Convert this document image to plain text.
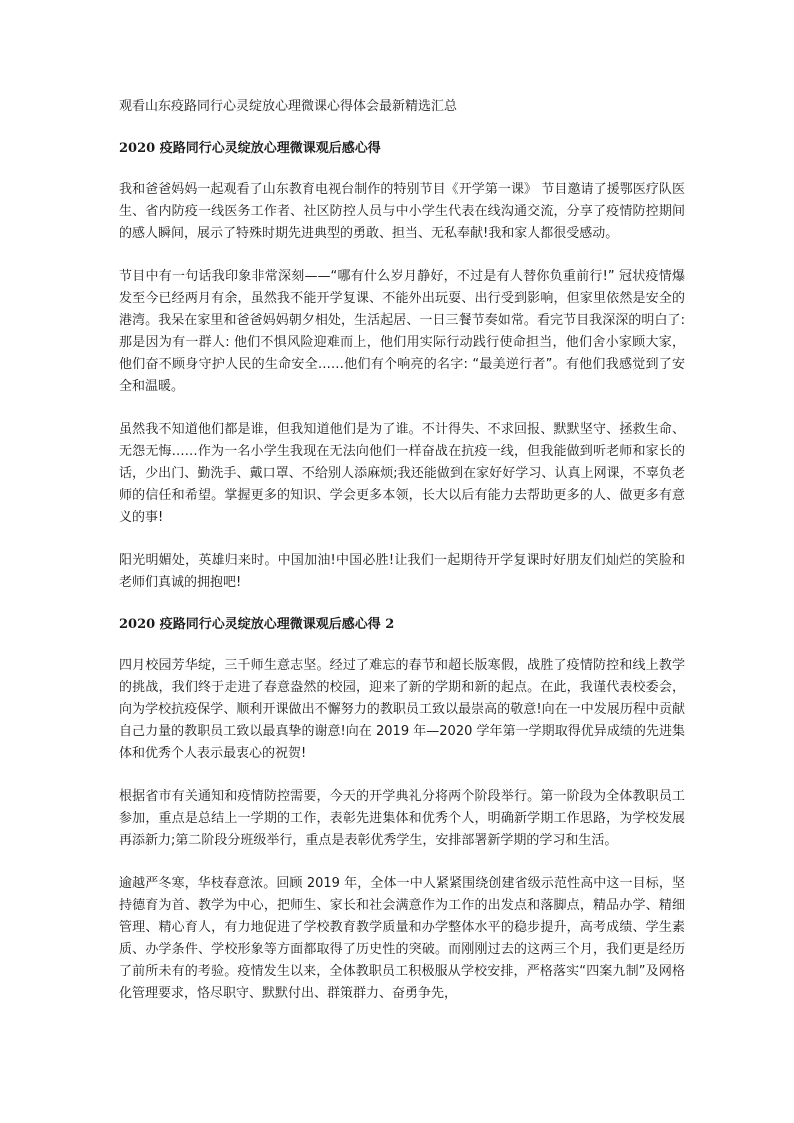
观看山东疫路同行心灵绽放心理微课心得体会最新精选汇总
2020 疫路同行心灵绽放心理微课观后感心得

我和爸爸妈妈一起观看了山东教育电视台制作的特别节目《开学第一课》 节目邀请了援鄂医疗队医生、省内防疫一线医务工作者、社区防控人员与中小学生代表在线沟通交流，分享了疫情防控期间的感人瞬间，展示了特殊时期先进典型的勇敢、担当、无私奉献!我和家人都很受感动。

节目中有一句话我印象非常深刻——“哪有什么岁月静好，不过是有人替你负重前行!” 冠状疫情爆发至今已经两月有余，虽然我不能开学复课、不能外出玩耍、出行受到影响，但家里依然是安全的港湾。我呆在家里和爸爸妈妈朝夕相处，生活起居、一日三餐节奏如常。看完节目我深深的明白了: 那是因为有一群人: 他们不惧风险迎难而上，他们用实际行动践行使命担当，他们舍小家顾大家，他们奋不顾身守护人民的生命安全……他们有个响亮的名字: “最美逆行者”。有他们我感觉到了安全和温暖。

虽然我不知道他们都是谁，但我知道他们是为了谁。不计得失、不求回报、默默坚守、拯救生命、无怨无悔……作为一名小学生我现在无法向他们一样奋战在抗疫一线，但我能做到听老师和家长的话，少出门、勤洗手、戴口罩、不给别人添麻烦;我还能做到在家好好学习、认真上网课，不辜负老师的信任和希望。掌握更多的知识、学会更多本领，长大以后有能力去帮助更多的人、做更多有意义的事!

阳光明媚处，英雄归来时。中国加油!中国必胜!让我们一起期待开学复课时好朋友们灿烂的笑脸和老师们真诚的拥抱吧!

2020 疫路同行心灵绽放心理微课观后感心得 2

四月校园芳华绽，三千师生意志坚。经过了难忘的春节和超长版寒假，战胜了疫情防控和线上教学的挑战，我们终于走进了春意盎然的校园，迎来了新的学期和新的起点。在此，我谨代表校委会，向为学校抗疫保学、顺利开课做出不懈努力的教职员工致以最崇高的敬意!向在一中发展历程中贡献自己力量的教职员工致以最真挚的谢意!向在 2019 年—2020 学年第一学期取得优异成绩的先进集体和优秀个人表示最衷心的祝贺!

根据省市有关通知和疫情防控需要，今天的开学典礼分将两个阶段举行。第一阶段为全体教职员工参加，重点是总结上一学期的工作，表彰先进集体和优秀个人，明确新学期工作思路，为学校发展再添新力;第二阶段分班级举行，重点是表彰优秀学生，安排部署新学期的学习和生活。

逾越严冬寒，华枝春意浓。回顾 2019 年，全体一中人紧紧围绕创建省级示范性高中这一目标，坚持德育为首、教学为中心，把师生、家长和社会满意作为工作的出发点和落脚点，精品办学、精细管理、精心育人，有力地促进了学校教育教学质量和办学整体水平的稳步提升，高考成绩、学生素质、办学条件、学校形象等方面都取得了历史性的突破。而刚刚过去的这两三个月，我们更是经历了前所未有的考验。疫情发生以来，全体教职员工积极服从学校安排，严格落实“四案九制”及网格化管理要求，恪尽职守、默默付出、群策群力、奋勇争先，
